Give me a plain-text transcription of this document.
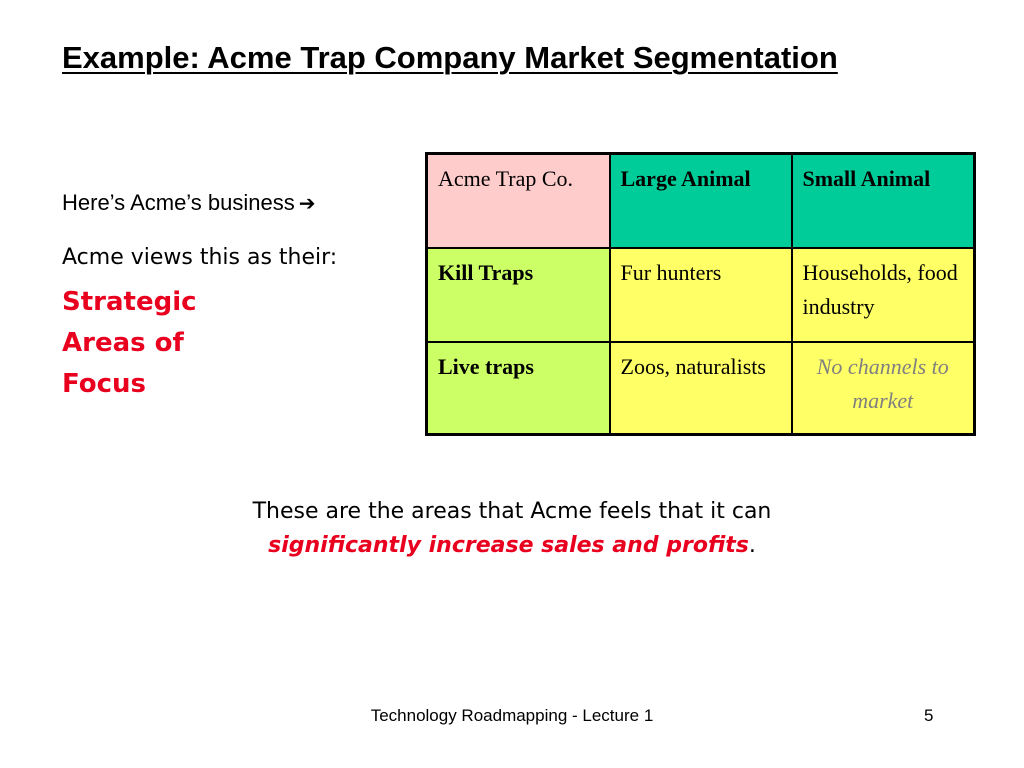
Example: Acme Trap Company Market Segmentation
Here’s Acme’s business ➔
Acme views this as their:
Strategic
Areas of
Focus
Acme Trap Co.	Large Animal	Small Animal
Kill Traps	Fur hunters	Households, food industry
Live traps	Zoos, naturalists	No channels to market
These are the areas that Acme feels that it can
significantly increase sales and profits.
Technology Roadmapping - Lecture 1	5
